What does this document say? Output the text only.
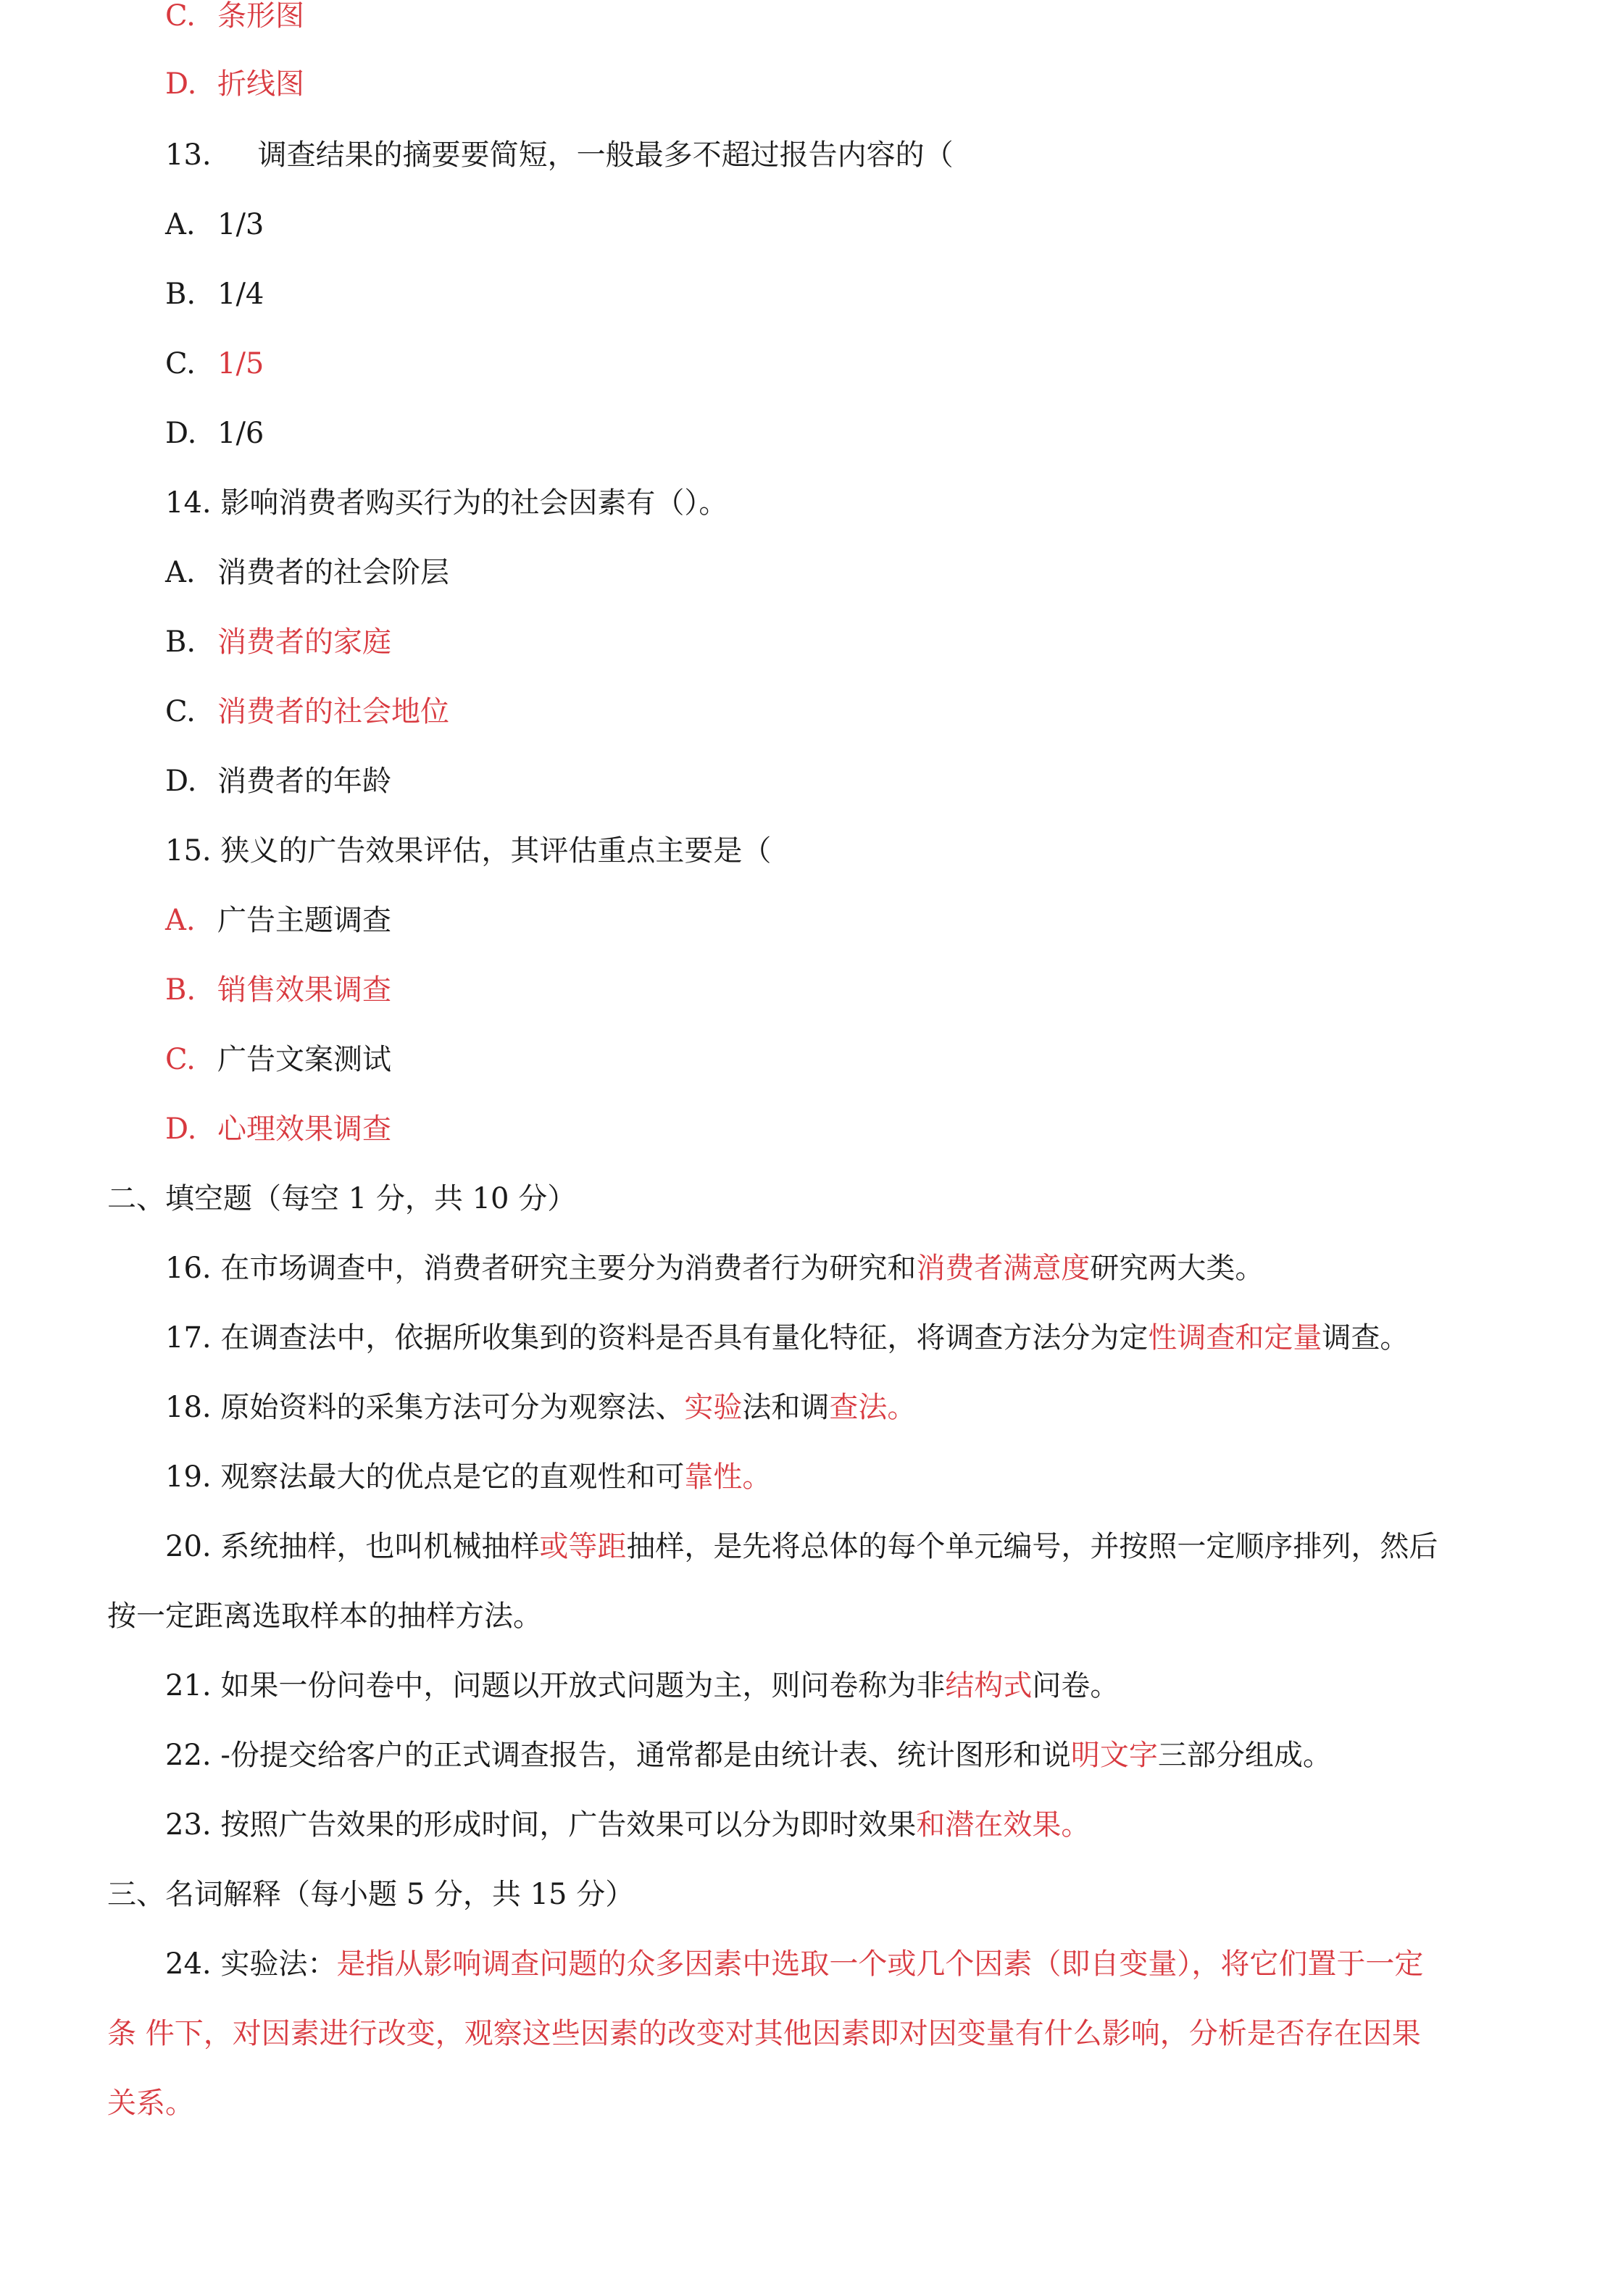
C. 条形图
D. 折线图
13. 调查结果的摘要要简短，一般最多不超过报告内容的（
A. 1/3
B. 1/4
C. 1/5
D. 1/6
14. 影响消费者购买行为的社会因素有（）。
A. 消费者的社会阶层
B. 消费者的家庭
C. 消费者的社会地位
D. 消费者的年龄
15. 狭义的广告效果评估，其评估重点主要是（
A. 广告主题调查
B. 销售效果调查
C. 广告文案测试
D. 心理效果调查
二、填空题（每空 1 分，共 10 分）
16. 在市场调查中，消费者研究主要分为消费者行为研究和消费者满意度研究两大类。
17. 在调查法中，依据所收集到的资料是否具有量化特征，将调查方法分为定性调查和定量调查。
18. 原始资料的采集方法可分为观察法、实验法和调查法。
19. 观察法最大的优点是它的直观性和可靠性。
20. 系统抽样，也叫机械抽样或等距抽样，是先将总体的每个单元编号，并按照一定顺序排列，然后
按一定距离选取样本的抽样方法。
21. 如果一份问卷中，问题以开放式问题为主，则问卷称为非结构式问卷。
22. -份提交给客户的正式调查报告，通常都是由统计表、统计图形和说明文字三部分组成。
23. 按照广告效果的形成时间，广告效果可以分为即时效果和潜在效果。
三、名词解释（每小题 5 分，共 15 分）
24. 实验法：是指从影响调查问题的众多因素中选取一个或几个因素（即自变量），将它们置于一定
条 件下，对因素进行改变，观察这些因素的改变对其他因素即对因变量有什么影响，分析是否存在因果
关系。
